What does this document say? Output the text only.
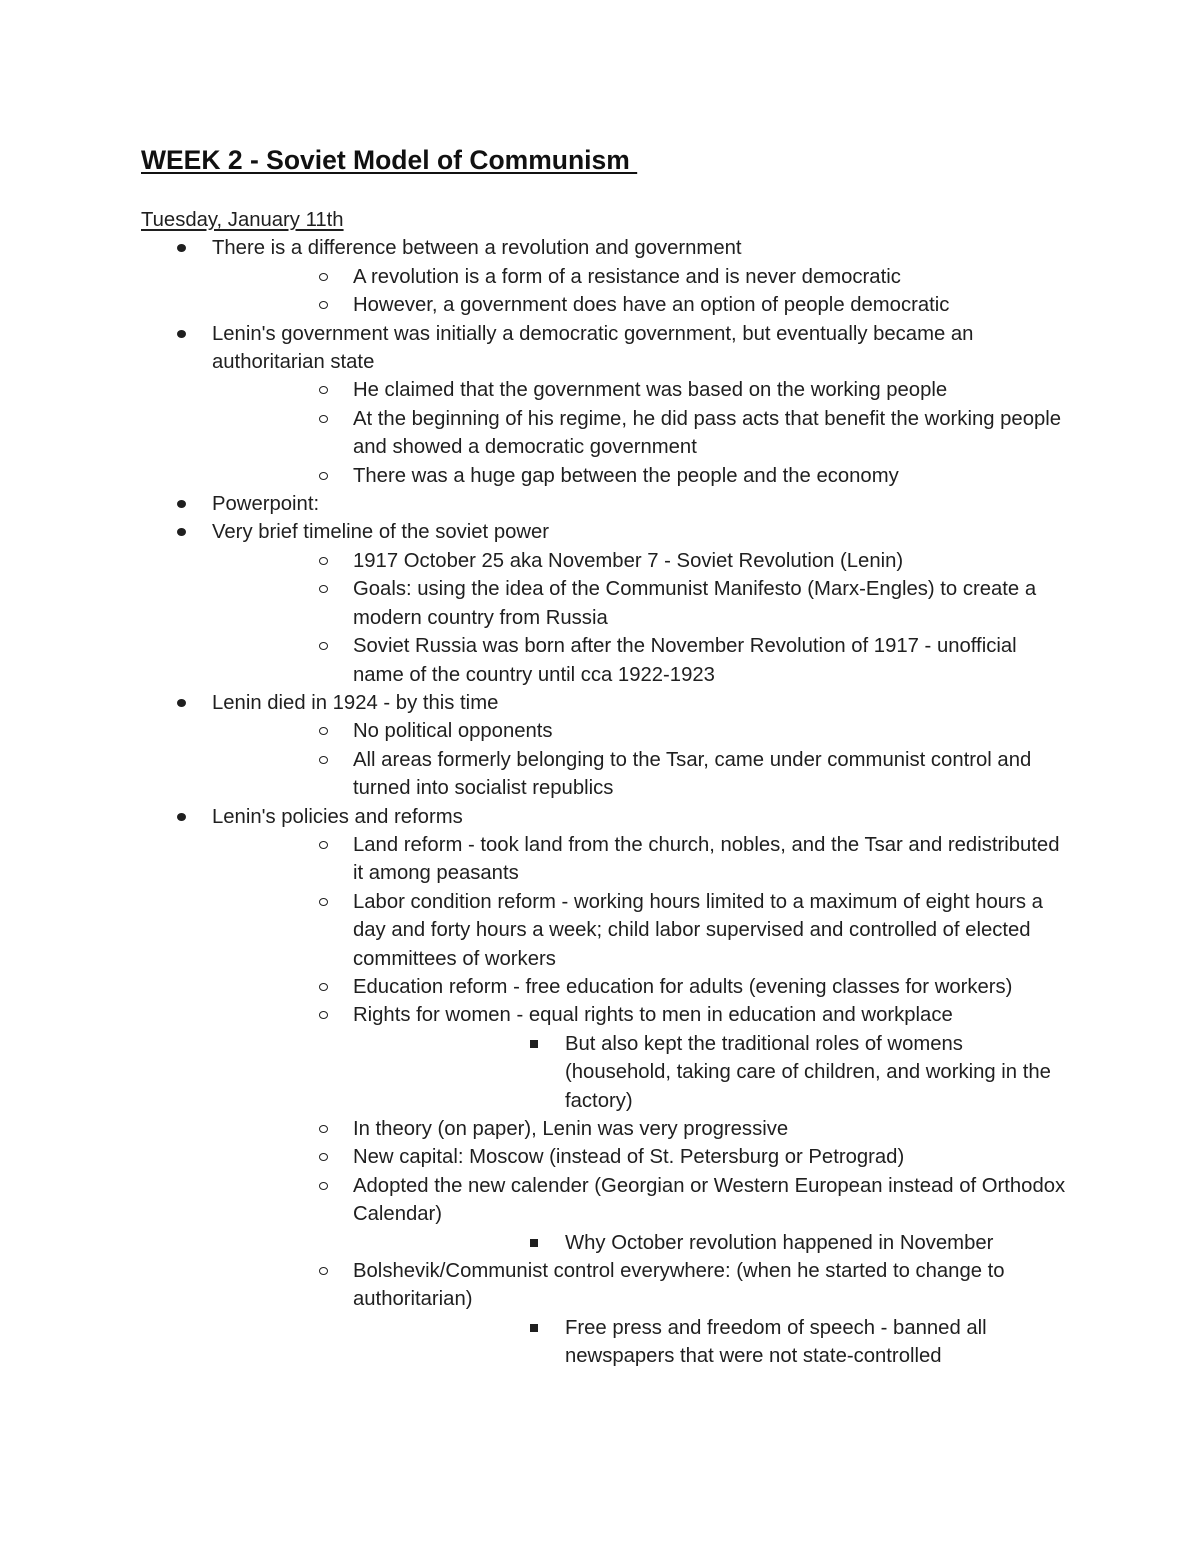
WEEK 2 - Soviet Model of Communism

Tuesday, January 11th

There is a difference between a revolution and government
A revolution is a form of a resistance and is never democratic
However, a government does have an option of people democratic
Lenin's government was initially a democratic government, but eventually became an authoritarian state
He claimed that the government was based on the working people
At the beginning of his regime, he did pass acts that benefit the working people and showed a democratic government
There was a huge gap between the people and the economy
Powerpoint:
Very brief timeline of the soviet power
1917 October 25 aka November 7 - Soviet Revolution (Lenin)
Goals: using the idea of the Communist Manifesto (Marx-Engles) to create a modern country from Russia
Soviet Russia was born after the November Revolution of 1917 - unofficial name of the country until cca 1922-1923
Lenin died in 1924 - by this time
No political opponents
All areas formerly belonging to the Tsar, came under communist control and turned into socialist republics
Lenin's policies and reforms
Land reform - took land from the church, nobles, and the Tsar and redistributed it among peasants
Labor condition reform - working hours limited to a maximum of eight hours a day and forty hours a week; child labor supervised and controlled of elected committees of workers
Education reform - free education for adults (evening classes for workers)
Rights for women - equal rights to men in education and workplace
But also kept the traditional roles of womens (household, taking care of children, and working in the factory)
In theory (on paper), Lenin was very progressive
New capital: Moscow (instead of St. Petersburg or Petrograd)
Adopted the new calender (Georgian or Western European instead of Orthodox Calendar)
Why October revolution happened in November
Bolshevik/Communist control everywhere: (when he started to change to authoritarian)
Free press and freedom of speech - banned all newspapers that were not state-controlled
